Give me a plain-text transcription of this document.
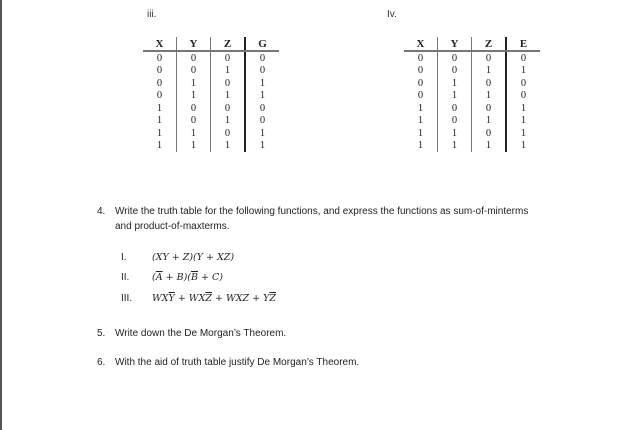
iii.
X	Y	Z	G
0	0	0	0
0	0	1	0
0	1	0	1
0	1	1	1
1	0	0	0
1	0	1	0
1	1	0	1
1	1	1	1
Iv.
X	Y	Z	E
0	0	0	0
0	0	1	1
0	1	0	0
0	1	1	0
1	0	0	1
1	0	1	1
1	1	0	1
1	1	1	1
4. Write the truth table for the following functions, and express the functions as sum-of-minterms
and product-of-maxterms.
I.	(XY + Z)(Y + XZ)
II. $(\overline{A} + B)(\overline{B} + C)$
III. $WX\overline{Y} + WX\overline{Z}$ + WXZ + $Y\overline{Z}$
5. Write down the De Morgan’s Theorem.
6. With the aid of truth table justify De Morgan’s Theorem.
